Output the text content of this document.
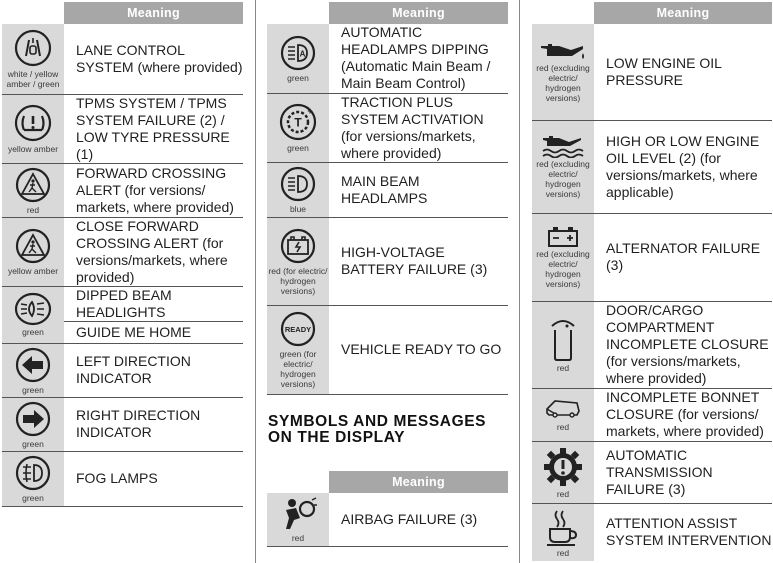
	Meaning

white / yellow amber / green	LANE CONTROL SYSTEM (where provided)

yellow amber	TPMS SYSTEM / TPMS SYSTEM FAILURE (2) / LOW TYRE PRESSURE (1)

red	FORWARD CROSSING ALERT (for versions/ markets, where provided)

yellow amber	CLOSE FORWARD CROSSING ALERT (for versions/markets, where provided)

green	DIPPED BEAM HEADLIGHTS
	GUIDE ME HOME

green	LEFT DIRECTION INDICATOR

green	RIGHT DIRECTION INDICATOR

green	FOG LAMPS
	Meaning

A
green	AUTOMATIC HEADLAMPS DIPPING (Automatic Main Beam / Main Beam Control)

T
+
green	TRACTION PLUS SYSTEM ACTIVATION (for versions/markets, where provided)

blue	MAIN BEAM HEADLAMPS

red (for electric/ hydrogen versions)	HIGH-VOLTAGE BATTERY FAILURE (3)

READY
green (for electric/ hydrogen versions)	VEHICLE READY TO GO
SYMBOLS AND MESSAGES ON THE DISPLAY
	Meaning

red	AIRBAG FAILURE (3)
	Meaning

red (excluding electric/ hydrogen versions)	LOW ENGINE OIL PRESSURE

red (excluding electric/ hydrogen versions)	HIGH OR LOW ENGINE OIL LEVEL (2) (for versions/markets, where applicable)

red (excluding electric/ hydrogen versions)	ALTERNATOR FAILURE (3)

red	DOOR/CARGO COMPARTMENT INCOMPLETE CLOSURE (for versions/markets, where provided)

red	INCOMPLETE BONNET CLOSURE (for versions/ markets, where provided)

red	AUTOMATIC TRANSMISSION FAILURE (3)

red	ATTENTION ASSIST SYSTEM INTERVENTION
